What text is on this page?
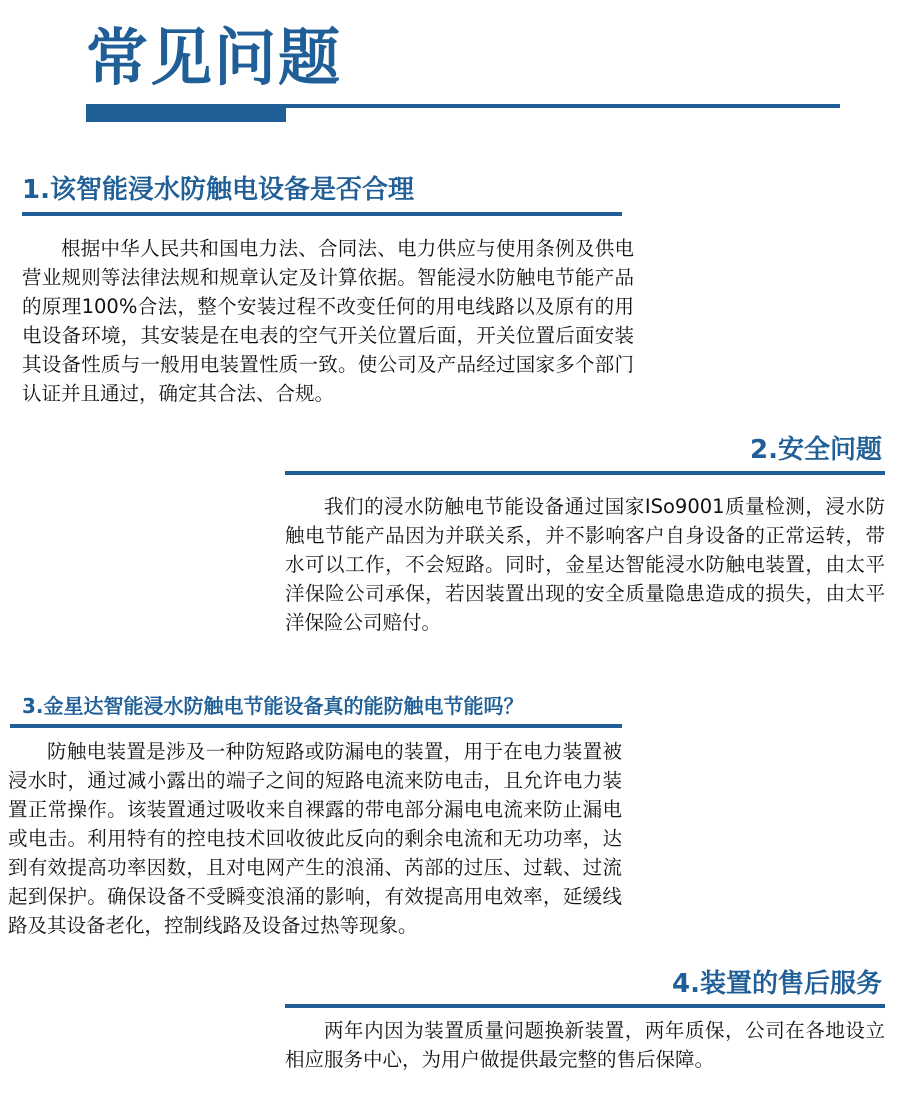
常见问题
1.该智能浸水防触电设备是否合理

根据中华人民共和国电力法、合同法、电力供应与使用条例及供电营业规则等法律法规和规章认定及计算依据。智能浸水防触电节能产品的原理100%合法，整个安装过程不改变任何的用电线路以及原有的用电设备环境，其安装是在电表的空气开关位置后面，开关位置后面安装其设备性质与一般用电装置性质一致。使公司及产品经过国家多个部门认证并且通过，确定其合法、合规。

2.安全问题

我们的浸水防触电节能设备通过国家ISo9001质量检测，浸水防触电节能产品因为并联关系，并不影响客户自身设备的正常运转，带水可以工作，不会短路。同时，金星达智能浸水防触电装置，由太平洋保险公司承保，若因装置出现的安全质量隐患造成的损失，由太平洋保险公司赔付。

3.金星达智能浸水防触电节能设备真的能防触电节能吗？

防触电装置是涉及一种防短路或防漏电的装置，用于在电力装置被浸水时，通过减小露出的端子之间的短路电流来防电击，且允许电力装置正常操作。该装置通过吸收来自裸露的带电部分漏电电流来防止漏电或电击。利用特有的控电技术回收彼此反向的剩余电流和无功功率，达到有效提高功率因数，且对电网产生的浪涌、芮部的过压、过载、过流起到保护。确保设备不受瞬变浪涌的影响，有效提高用电效率，延缓线路及其设备老化，控制线路及设备过热等现象。

4.装置的售后服务

两年内因为装置质量问题换新装置，两年质保，公司在各地设立相应服务中心，为用户做提供最完整的售后保障。
